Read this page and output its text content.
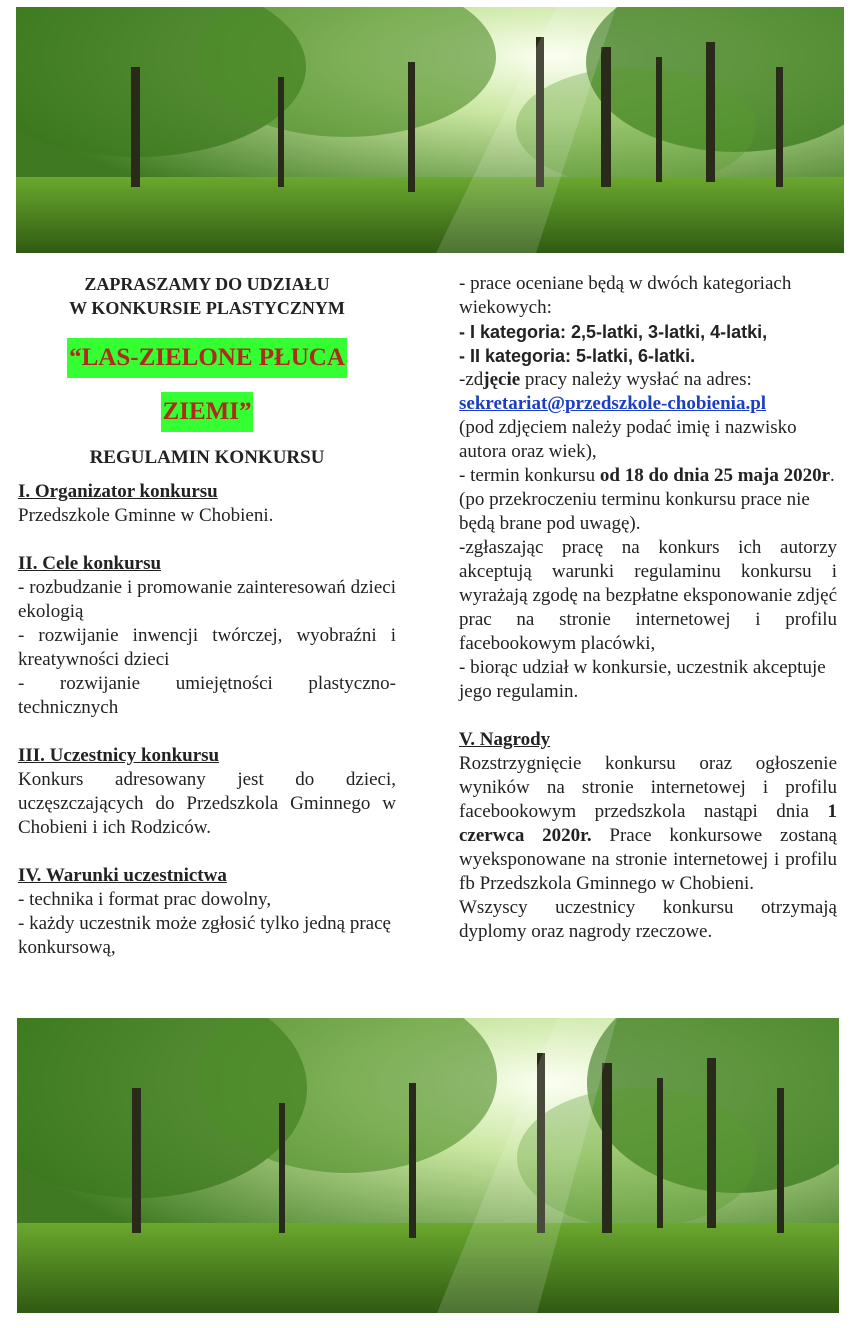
ZAPRASZAMY DO UDZIAŁU
W KONKURSIE PLASTYCZNYM
“LAS-ZIELONE PŁUCA
ZIEMI”
REGULAMIN KONKURSU
I. Organizator konkursu

Przedszkole Gminne w Chobieni.

II. Cele konkursu

- rozbudzanie i promowanie zainteresowań dzieci ekologią

- rozwijanie inwencji twórczej, wyobraźni i kreatywności dzieci

- rozwijanie umiejętności plastyczno-technicznych

III. Uczestnicy konkursu

Konkurs adresowany jest do dzieci, uczęszczających do Przedszkola Gminnego w Chobieni i ich Rodziców.

IV. Warunki uczestnictwa

- technika i format prac dowolny,

- każdy uczestnik może zgłosić tylko jedną pracę konkursową,

- prace oceniane będą w dwóch kategoriach wiekowych:

- I kategoria: 2,5-latki, 3-latki, 4-latki,

- II kategoria: 5-latki, 6-latki.

-zdjęcie pracy należy wysłać na adres:

sekretariat@przedszkole-chobienia.pl

(pod zdjęciem należy podać imię i nazwisko autora oraz wiek),

- termin konkursu od 18 do dnia 25 maja 2020r. (po przekroczeniu terminu konkursu prace nie będą brane pod uwagę).

-zgłaszając pracę na konkurs ich autorzy akceptują warunki regulaminu konkursu i wyrażają zgodę na bezpłatne eksponowanie zdjęć prac na stronie internetowej i profilu facebookowym placówki,

- biorąc udział w konkursie, uczestnik akceptuje jego regulamin.

V. Nagrody

Rozstrzygnięcie konkursu oraz ogłoszenie wyników na stronie internetowej i profilu facebookowym przedszkola nastąpi dnia 1 czerwca 2020r. Prace konkursowe zostaną wyeksponowane na stronie internetowej i profilu fb Przedszkola Gminnego w Chobieni.

Wszyscy uczestnicy konkursu otrzymają dyplomy oraz nagrody rzeczowe.
